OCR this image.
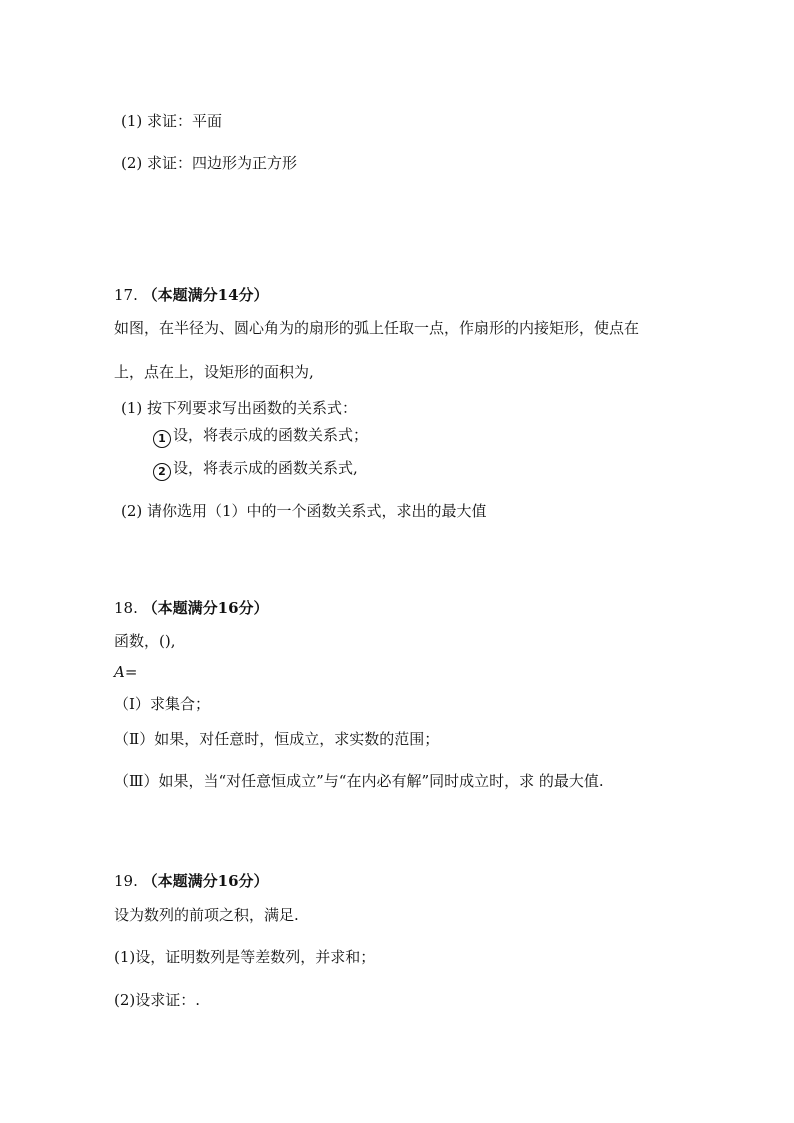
(1) 求证：平面
(2) 求证：四边形为正方形
17. （本题满分14分）
如图，在半径为、圆心角为的扇形的弧上任取一点，作扇形的内接矩形，使点在
上，点在上，设矩形的面积为,
(1) 按下列要求写出函数的关系式：
1 设，将表示成的函数关系式；
2 设，将表示成的函数关系式,
(2) 请你选用（1）中的一个函数关系式，求出的最大值
18. （本题满分16分）
函数，(),
A=
（Ⅰ）求集合；
（Ⅱ）如果，对任意时，恒成立，求实数的范围；
（Ⅲ）如果，当“对任意恒成立”与“在内必有解”同时成立时，求 的最大值.
19. （本题满分16分）
设为数列的前项之积，满足.
(1)设，证明数列是等差数列，并求和；
(2)设求证：.
